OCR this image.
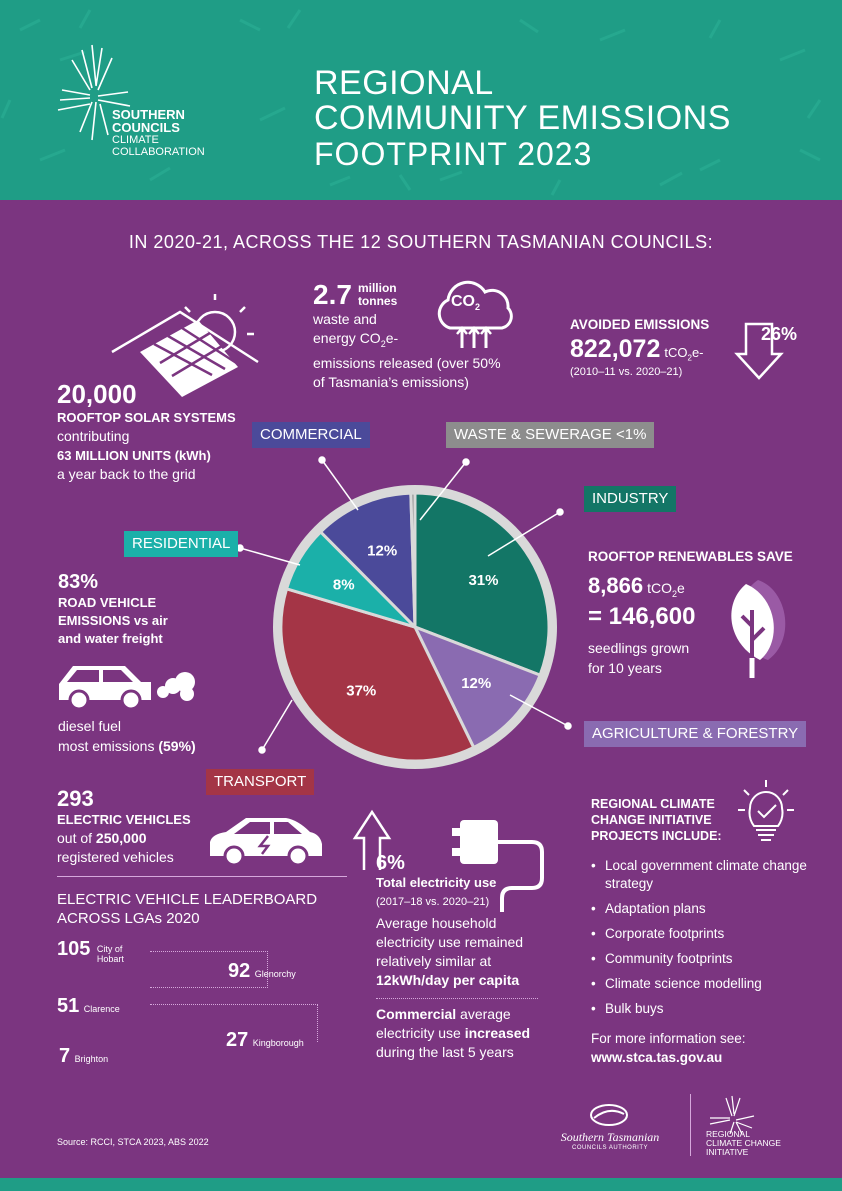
SOUTHERN
COUNCILS
CLIMATE
COLLABORATION
REGIONAL
COMMUNITY EMISSIONS
FOOTPRINT 2023
IN 2020-21, ACROSS THE 12 SOUTHERN TASMANIAN COUNCILS:
20,000
ROOFTOP SOLAR SYSTEMS
contributing
63 MILLION UNITS (kWh)
a year back to the grid
2.7 million
tonnes
waste and
energy $CO_2e-$
emissions released (over 50%
of Tasmania’s emissions)
$CO_2$
AVOIDED EMISSIONS
822,072 tCO$_2$e-
(2010–11 vs. 2020–21)
26%
31%
12%
37%
8%
12%
COMMERCIAL	WASTE & SEWERAGE <1%
INDUSTRY
RESIDENTIAL
AGRICULTURE & FORESTRY
TRANSPORT
83%
ROAD VEHICLE
EMISSIONS vs air
and water freight
diesel fuel
most emissions (59%)
ROOFTOP RENEWABLES SAVE
8,866 tCO$_2$e
= 146,600
seedlings grown
for 10 years
293
ELECTRIC VEHICLES
out of 250,000
registered vehicles
ELECTRIC VEHICLE LEADERBOARD
ACROSS LGAs 2020
105 City of
Hobart
92 Glenorchy
51 Clarence
27 Kingborough
7 Brighton
6%
Total electricity use
(2017–18 vs. 2020–21)
Average household
electricity use remained
relatively similar at
12kWh/day per capita
Commercial average
electricity use increased
during the last 5 years
REGIONAL CLIMATE
CHANGE INITIATIVE
PROJECTS INCLUDE:
• Local government climate change strategy
• Adaptation plans
• Corporate footprints
• Community footprints
• Climate science modelling
• Bulk buys
For more information see:
www.stca.tas.gov.au
Source: RCCI, STCA 2023, ABS 2022	Southern Tasmanian
COUNCILS AUTHORITY
REGIONAL
CLIMATE CHANGE
INITIATIVE
